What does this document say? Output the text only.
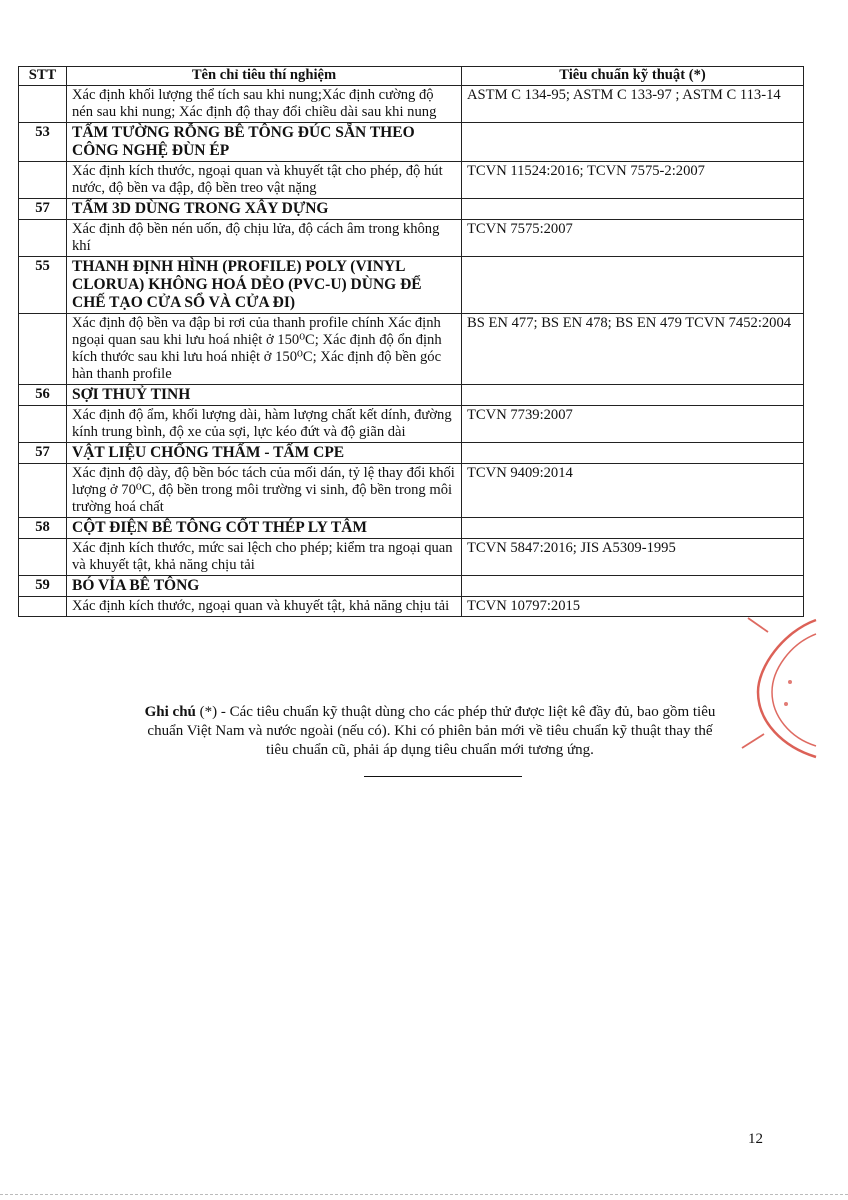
STT	Tên chỉ tiêu thí nghiệm	Tiêu chuẩn kỹ thuật (*)
	Xác định khối lượng thể tích sau khi nung;Xác định cường độ nén sau khi nung; Xác định độ thay đổi chiều dài sau khi nung	ASTM C 134-95; ASTM C 133-97 ; ASTM C 113-14
53	TẤM TƯỜNG RỖNG BÊ TÔNG ĐÚC SẴN THEO CÔNG NGHỆ ĐÙN ÉP	
	Xác định kích thước, ngoại quan và khuyết tật cho phép, độ hút nước, độ bền va đập, độ bền treo vật nặng	TCVN 11524:2016; TCVN 7575-2:2007
57	TẤM 3D DÙNG TRONG XÂY DỰNG	
	Xác định độ bền nén uốn, độ chịu lửa, độ cách âm trong không khí	TCVN 7575:2007
55	THANH ĐỊNH HÌNH (PROFILE) POLY (VINYL CLORUA) KHÔNG HOÁ DẺO (PVC-U) DÙNG ĐỂ CHẾ TẠO CỬA SỔ VÀ CỬA ĐI)	
	Xác định độ bền va đập bi rơi của thanh profile chính Xác định ngoại quan sau khi lưu hoá nhiệt ở 150⁰C; Xác định độ ổn định kích thước sau khi lưu hoá nhiệt ở 150⁰C; Xác định độ bền góc hàn thanh profile	BS EN 477; BS EN 478; BS EN 479 TCVN 7452:2004
56	SỢI THUỶ TINH	
	Xác định độ ẩm, khối lượng dài, hàm lượng chất kết dính, đường kính trung bình, độ xe của sợi, lực kéo đứt và độ giãn dài	TCVN 7739:2007
57	VẬT LIỆU CHỐNG THẤM - TẤM CPE	
	Xác định độ dày, độ bền bóc tách của mối dán, tỷ lệ thay đổi khối lượng ở 70⁰C, độ bền trong môi trường vi sinh, độ bền trong môi trường hoá chất	TCVN 9409:2014
58	CỘT ĐIỆN BÊ TÔNG CỐT THÉP LY TÂM	
	Xác định kích thước, mức sai lệch cho phép; kiểm tra ngoại quan và khuyết tật, khả năng chịu tải	TCVN 5847:2016; JIS A5309-1995
59	BÓ VỈA BÊ TÔNG	
	Xác định kích thước, ngoại quan và khuyết tật, khả năng chịu tải	TCVN 10797:2015
Ghi chú (*) - Các tiêu chuẩn kỹ thuật dùng cho các phép thử được liệt kê đầy đủ, bao gồm tiêu chuẩn Việt Nam và nước ngoài (nếu có). Khi có phiên bản mới về tiêu chuẩn kỹ thuật thay thế tiêu chuẩn cũ, phải áp dụng tiêu chuẩn mới tương ứng.
12
